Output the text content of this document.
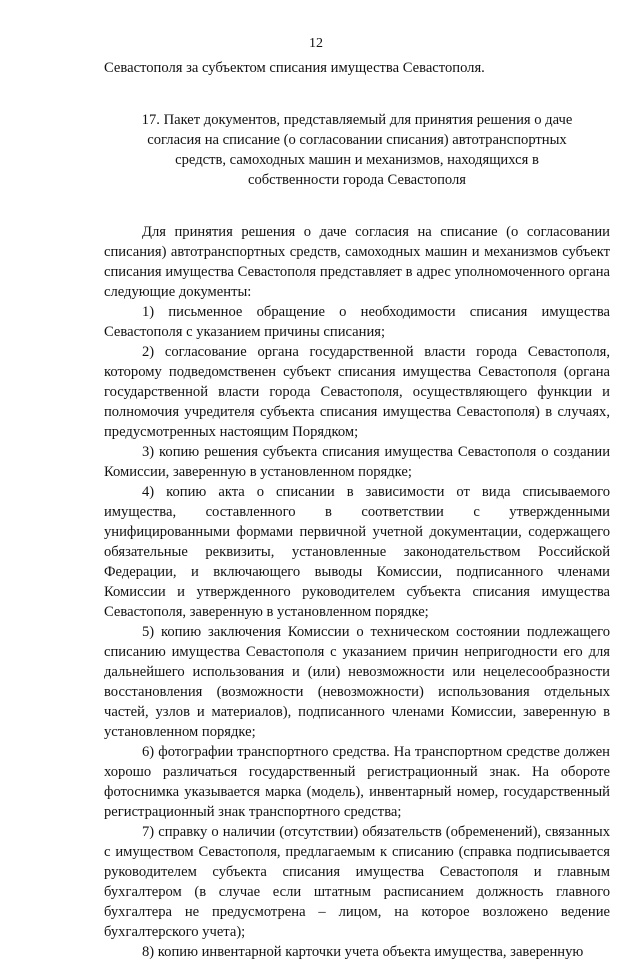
12

Севастополя за субъектом списания имущества Севастополя.

17. Пакет документов, представляемый для принятия решения о даче согласия на списание (о согласовании списания) автотранспортных средств, самоходных машин и механизмов, находящихся в собственности города Севастополя

Для принятия решения о даче согласия на списание (о согласовании списания) автотранспортных средств, самоходных машин и механизмов субъект списания имущества Севастополя представляет в адрес уполномоченного органа следующие документы:

1) письменное обращение о необходимости списания имущества Севастополя с указанием причины списания;

2) согласование органа государственной власти города Севастополя, которому подведомственен субъект списания имущества Севастополя (органа государственной власти города Севастополя, осуществляющего функции и полномочия учредителя субъекта списания имущества Севастополя) в случаях, предусмотренных настоящим Порядком;

3) копию решения субъекта списания имущества Севастополя о создании Комиссии, заверенную в установленном порядке;

4) копию акта о списании в зависимости от вида списываемого имущества, составленного в соответствии с утвержденными унифицированными формами первичной учетной документации, содержащего обязательные реквизиты, установленные законодательством Российской Федерации, и включающего выводы Комиссии, подписанного членами Комиссии и утвержденного руководителем субъекта списания имущества Севастополя, заверенную в установленном порядке;

5) копию заключения Комиссии о техническом состоянии подлежащего списанию имущества Севастополя с указанием причин непригодности его для дальнейшего использования и (или) невозможности или нецелесообразности восстановления (возможности (невозможности) использования отдельных частей, узлов и материалов), подписанного членами Комиссии, заверенную в установленном порядке;

6) фотографии транспортного средства. На транспортном средстве должен хорошо различаться государственный регистрационный знак. На обороте фотоснимка указывается марка (модель), инвентарный номер, государственный регистрационный знак транспортного средства;

7) справку о наличии (отсутствии) обязательств (обременений), связанных с имуществом Севастополя, предлагаемым к списанию (справка подписывается руководителем субъекта списания имущества Севастополя и главным бухгалтером (в случае если штатным расписанием должность главного бухгалтера не предусмотрена – лицом, на которое возложено ведение бухгалтерского учета);

8) копию инвентарной карточки учета объекта имущества, заверенную
